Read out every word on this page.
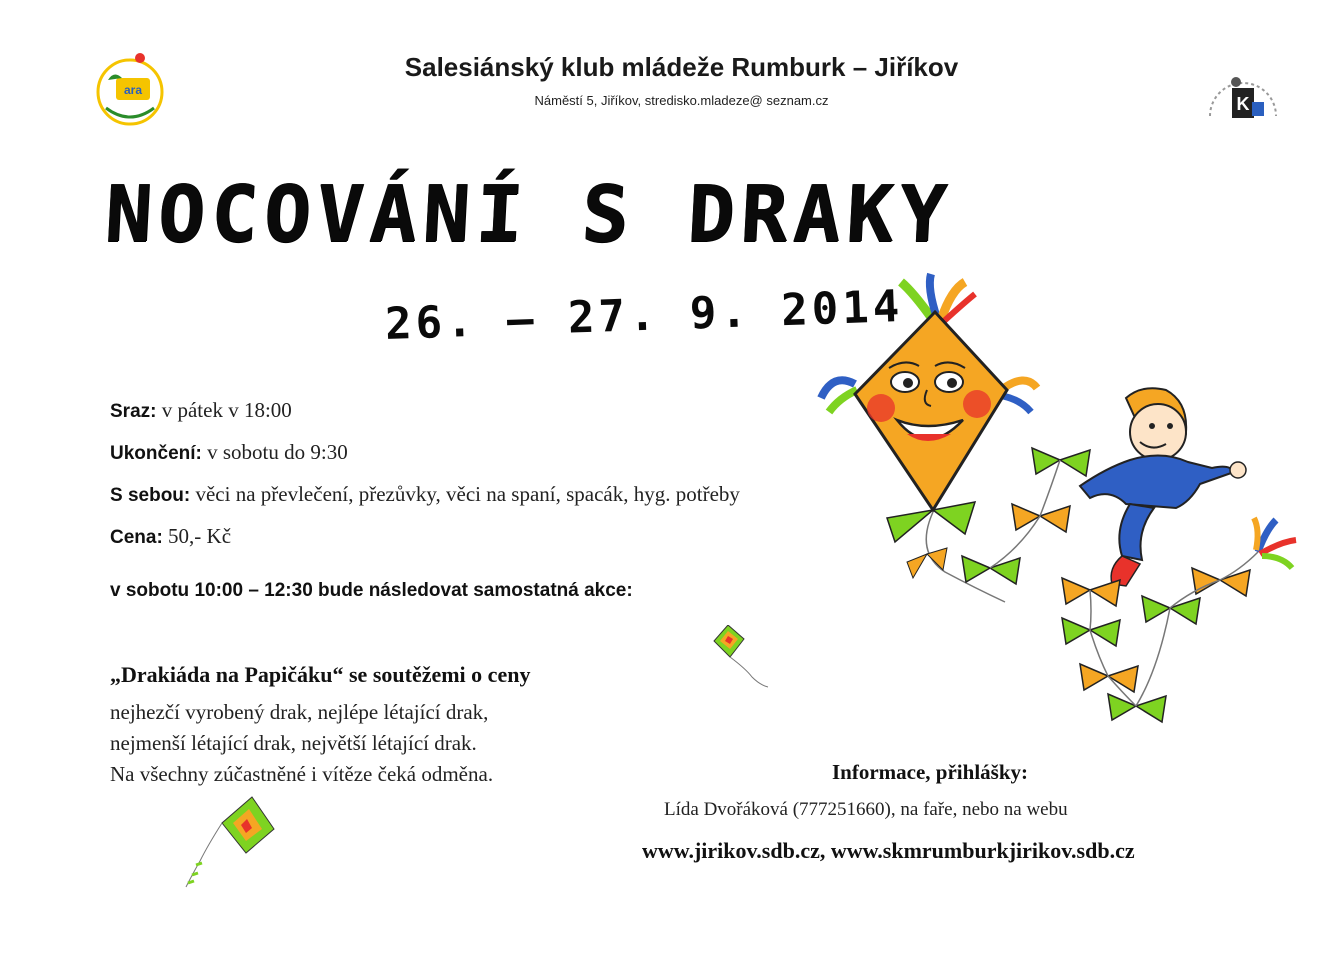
ara
Salesiánský klub mládeže Rumburk – Jiříkov
Náměstí 5, Jiříkov, stredisko.mladeze@ seznam.cz	K
NOCOVÁNÍ S DRAKY
26. – 27. 9. 2014
Sraz: v pátek v 18:00
Ukončení: v sobotu do 9:30
S sebou: věci na převlečení, přezůvky, věci na spaní, spacák, hyg. potřeby
Cena: 50,- Kč
v sobotu 10:00 – 12:30 bude následovat samostatná akce:
„Drakiáda na Papičáku“ se soutěžemi o ceny
nejhezčí vyrobený drak, nejlépe létající drak,
nejmenší létající drak, největší létající drak.
Na všechny zúčastněné i vítěze čeká odměna.	Informace, přihlášky:
Lída Dvořáková (777251660), na faře, nebo na webu
www.jirikov.sdb.cz, www.skmrumburkjirikov.sdb.cz
